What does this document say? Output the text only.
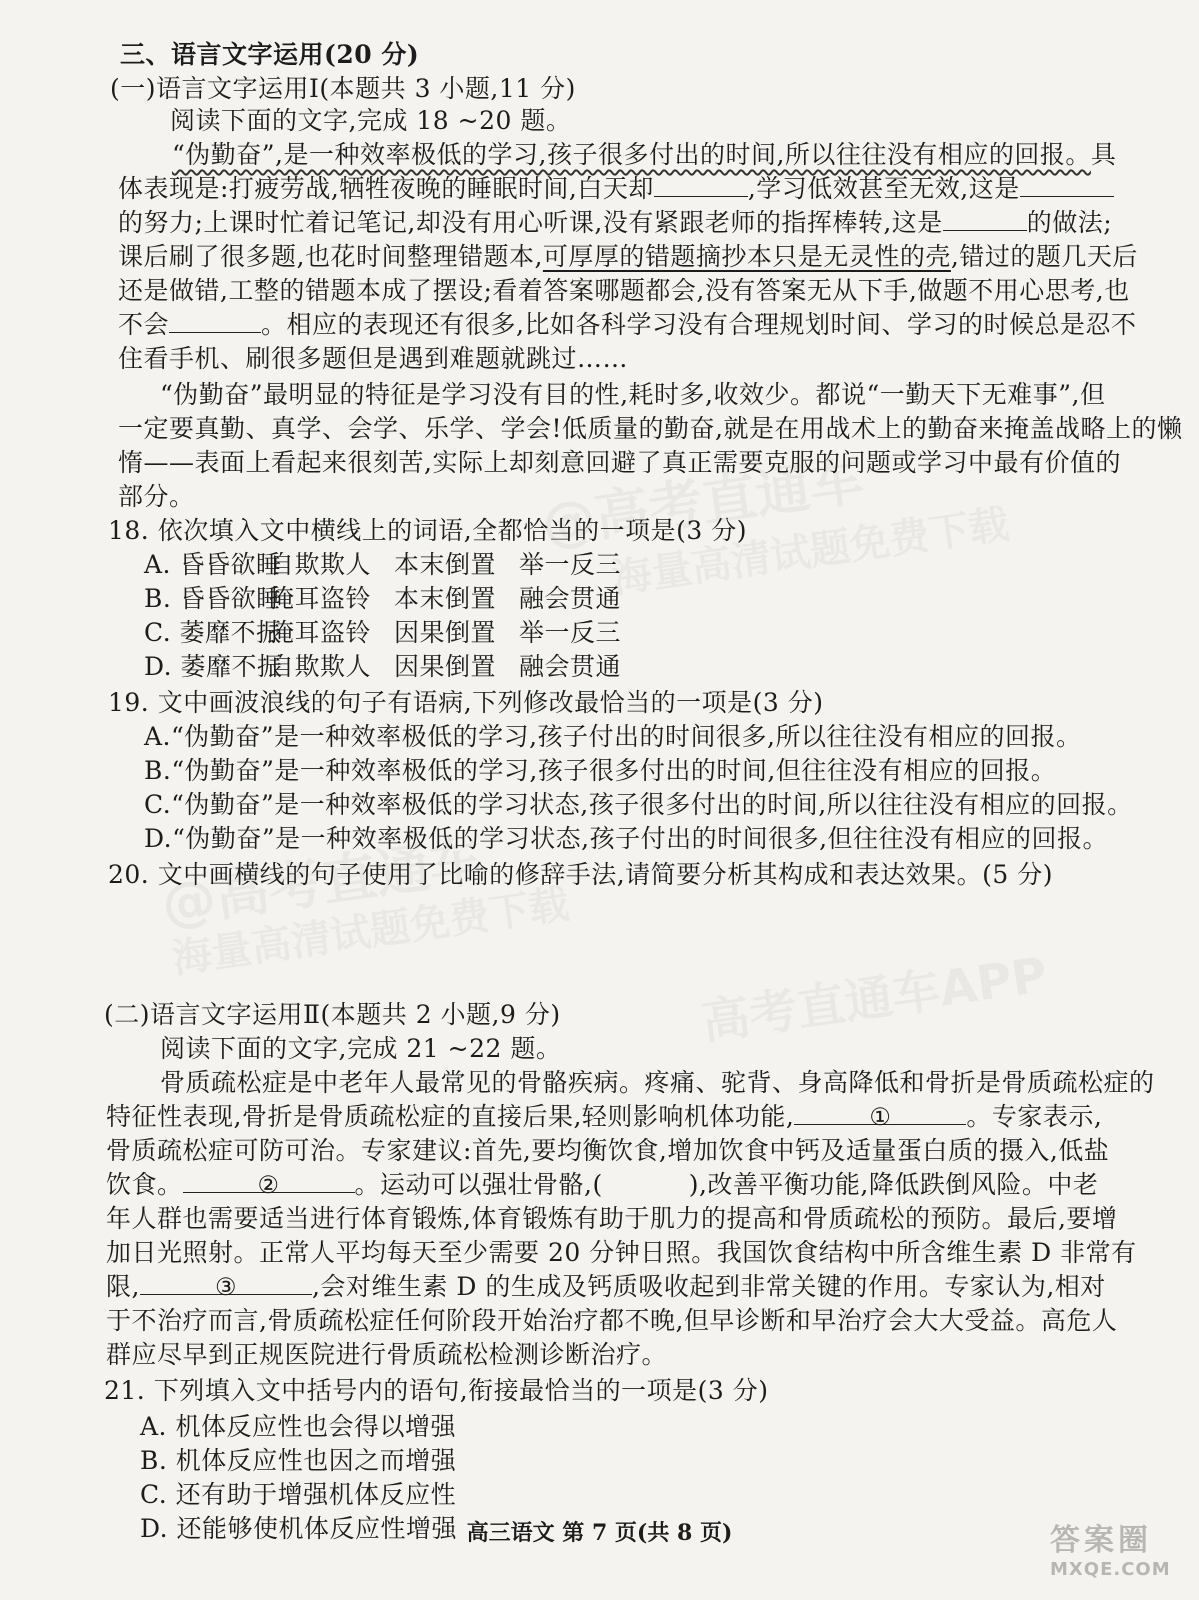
三、语言文字运用(20 分)
(一)语言文字运用Ⅰ(本题共 3 小题,11 分)
阅读下面的文字,完成 18 ~20 题。
“伪勤奋”,是一种效率极低的学习,孩子很多付出的时间,所以往往没有相应的回报。具
体表现是:打疲劳战,牺牲夜晚的睡眠时间,白天却	,学习低效甚至无效,这是
的努力;上课时忙着记笔记,却没有用心听课,没有紧跟老师的指挥棒转,这是	的做法;
课后刷了很多题,也花时间整理错题本,可厚厚的错题摘抄本只是无灵性的壳,错过的题几天后
还是做错,工整的错题本成了摆设;看着答案哪题都会,没有答案无从下手,做题不用心思考,也
不会	。相应的表现还有很多,比如各科学习没有合理规划时间、学习的时候总是忍不
住看手机、刷很多题但是遇到难题就跳过……
“伪勤奋”最明显的特征是学习没有目的性,耗时多,收效少。都说“一勤天下无难事”,但
一定要真勤、真学、会学、乐学、学会!低质量的勤奋,就是在用战术上的勤奋来掩盖战略上的懒
惰——表面上看起来很刻苦,实际上却刻意回避了真正需要克服的问题或学习中最有价值的
部分。
18. 依次填入文中横线上的词语,全都恰当的一项是(3 分)
A. 昏昏欲睡自欺欺人 本末倒置 举一反三
B. 昏昏欲睡掩耳盗铃 本末倒置 融会贯通
C. 萎靡不振掩耳盗铃 因果倒置 举一反三
D. 萎靡不振自欺欺人 因果倒置 融会贯通
19. 文中画波浪线的句子有语病,下列修改最恰当的一项是(3 分)
A.“伪勤奋”是一种效率极低的学习,孩子付出的时间很多,所以往往没有相应的回报。
B.“伪勤奋”是一种效率极低的学习,孩子很多付出的时间,但往往没有相应的回报。
C.“伪勤奋”是一种效率极低的学习状态,孩子很多付出的时间,所以往往没有相应的回报。
D.“伪勤奋”是一种效率极低的学习状态,孩子付出的时间很多,但往往没有相应的回报。
20. 文中画横线的句子使用了比喻的修辞手法,请简要分析其构成和表达效果。(5 分)
(二)语言文字运用Ⅱ(本题共 2 小题,9 分)
阅读下面的文字,完成 21 ~22 题。
骨质疏松症是中老年人最常见的骨骼疾病。疼痛、驼背、身高降低和骨折是骨质疏松症的
特征性表现,骨折是骨质疏松症的直接后果,轻则影响机体功能,	①	。专家表示,
骨质疏松症可防可治。专家建议:首先,要均衡饮食,增加饮食中钙及适量蛋白质的摄入,低盐
饮食。	②	。运动可以强壮骨骼,(	),改善平衡功能,降低跌倒风险。中老
年人群也需要适当进行体育锻炼,体育锻炼有助于肌力的提高和骨质疏松的预防。最后,要增
加日光照射。正常人平均每天至少需要 20 分钟日照。我国饮食结构中所含维生素 D 非常有
限,	③	,会对维生素 D 的生成及钙质吸收起到非常关键的作用。专家认为,相对
于不治疗而言,骨质疏松症任何阶段开始治疗都不晚,但早诊断和早治疗会大大受益。高危人
群应尽早到正规医院进行骨质疏松检测诊断治疗。
21. 下列填入文中括号内的语句,衔接最恰当的一项是(3 分)
A. 机体反应性也会得以增强
B. 机体反应性也因之而增强
C. 还有助于增强机体反应性
D. 还能够使机体反应性增强 高三语文 第 7 页(共 8 页)	答案圈
MXQE.COM
